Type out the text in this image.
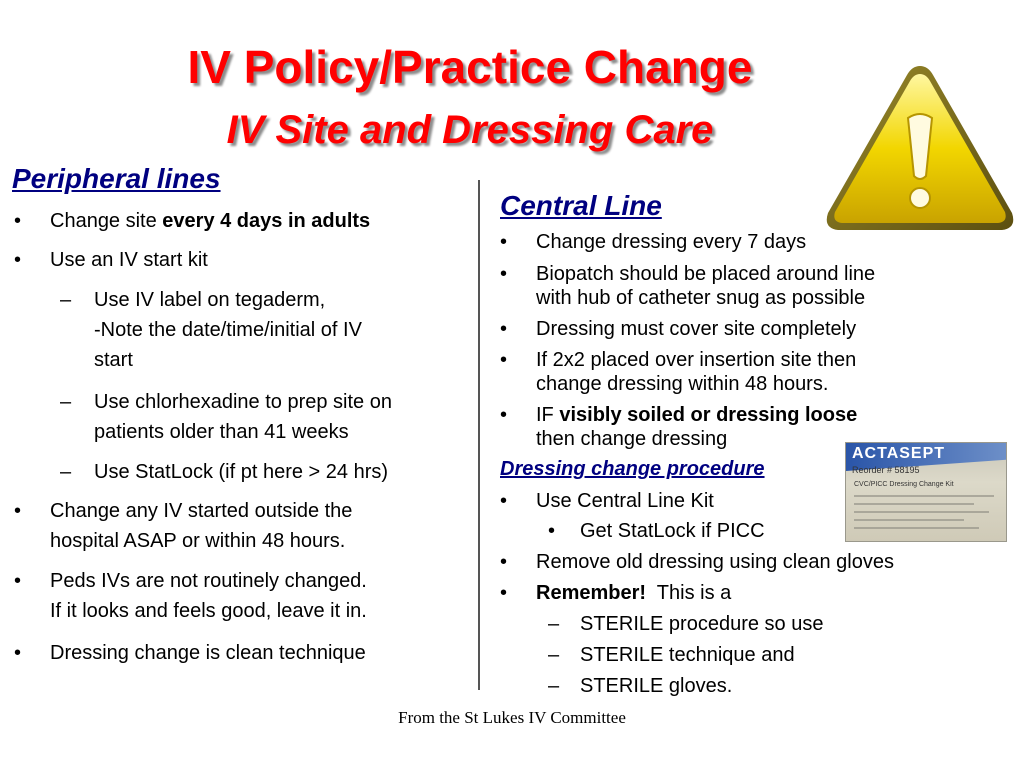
IV Policy/Practice Change
IV Site and Dressing Care
Peripheral lines
• Change site every 4 days in adults
• Use an IV start kit
– Use IV label on tegaderm,
-Note the date/time/initial of IV
start
– Use chlorhexadine to prep site on
patients older than 41 weeks
– Use StatLock (if pt here > 24 hrs)
• Change any IV started outside the
hospital ASAP or within 48 hours.
• Peds IVs are not routinely changed.
If it looks and feels good, leave it in.
• Dressing change is clean technique
Central Line
• Change dressing every 7 days
• Biopatch should be placed around line
with hub of catheter snug as possible
• Dressing must cover site completely
• If 2x2 placed over insertion site then
change dressing within 48 hours.
• IF visibly soiled or dressing loose
then change dressing
Dressing change procedure
• Use Central Line Kit
• Get StatLock if PICC
• Remove old dressing using clean gloves
• Remember!  This is a
– STERILE procedure so use
– STERILE technique and
– STERILE gloves.
ACTASEPT
Reorder # 58195
CVC/PICC Dressing Change Kit
From the St Lukes IV Committee
